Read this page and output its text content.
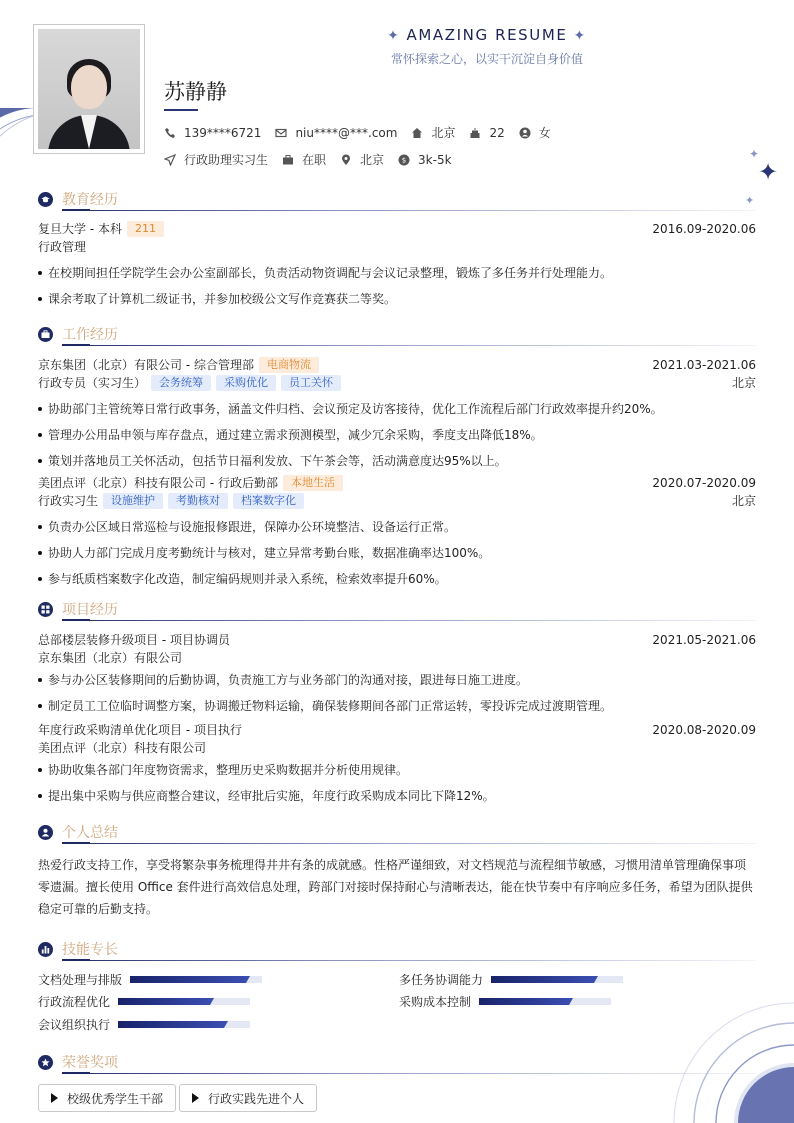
✦ AMAZING RESUME ✦
常怀探索之心，以实干沉淀自身价值
苏静静
139****6721	niu****@***.com	北京	22	女
行政助理实习生	在职	北京	$ 3k-5k	✦
✦
✦
教育经历
复旦大学 - 本科 211	2016.09-2020.06
行政管理
在校期间担任学院学生会办公室副部长，负责活动物资调配与会议记录整理，锻炼了多任务并行处理能力。
课余考取了计算机二级证书，并参加校级公文写作竞赛获二等奖。
工作经历
京东集团（北京）有限公司 - 综合管理部 电商物流	2021.03-2021.06
行政专员（实习生） 会务统筹 采购优化 员工关怀	北京
协助部门主管统筹日常行政事务，涵盖文件归档、会议预定及访客接待，优化工作流程后部门行政效率提升约20%。
管理办公用品申领与库存盘点，通过建立需求预测模型，减少冗余采购，季度支出降低18%。
策划并落地员工关怀活动，包括节日福利发放、下午茶会等，活动满意度达95%以上。
美团点评（北京）科技有限公司 - 行政后勤部 本地生活	2020.07-2020.09
行政实习生 设施维护 考勤核对 档案数字化	北京
负责办公区域日常巡检与设施报修跟进，保障办公环境整洁、设备运行正常。
协助人力部门完成月度考勤统计与核对，建立异常考勤台账，数据准确率达100%。
参与纸质档案数字化改造，制定编码规则并录入系统，检索效率提升60%。
项目经历
总部楼层装修升级项目 - 项目协调员	2021.05-2021.06
京东集团（北京）有限公司
参与办公区装修期间的后勤协调，负责施工方与业务部门的沟通对接，跟进每日施工进度。
制定员工工位临时调整方案，协调搬迁物料运输，确保装修期间各部门正常运转，零投诉完成过渡期管理。
年度行政采购清单优化项目 - 项目执行	2020.08-2020.09
美团点评（北京）科技有限公司
协助收集各部门年度物资需求，整理历史采购数据并分析使用规律。
提出集中采购与供应商整合建议，经审批后实施，年度行政采购成本同比下降12%。
个人总结
热爱行政支持工作，享受将繁杂事务梳理得井井有条的成就感。性格严谨细致，对文档规范与流程细节敏感，习惯用清单管理确保事项零遗漏。擅长使用 Office 套件进行高效信息处理，跨部门对接时保持耐心与清晰表达，能在快节奏中有序响应多任务，希望为团队提供稳定可靠的后勤支持。
技能专长
文档处理与排版	多任务协调能力
行政流程优化	采购成本控制
会议组织执行
荣誉奖项
校级优秀学生干部	行政实践先进个人
